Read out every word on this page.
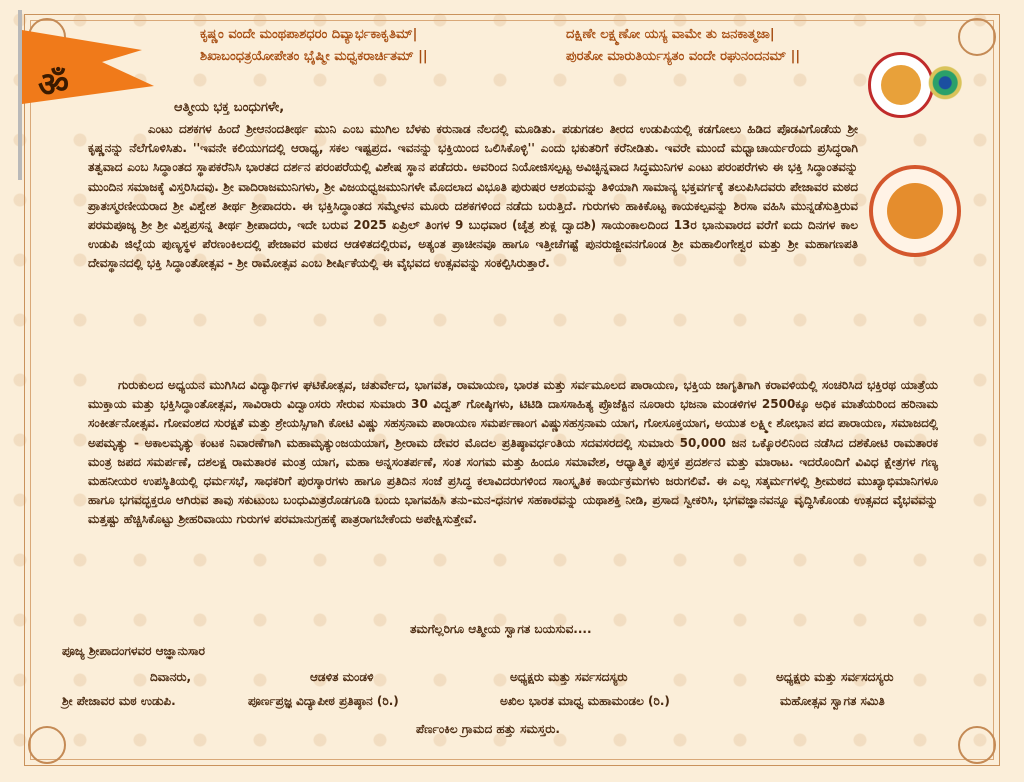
ॐ
ಕೃಷ್ಣಂ ವಂದೇ ಮಂಥಪಾಶಧರಂ ದಿವ್ಯಾರ್ಭಕಾಕೃತಿಮ್|
ಶಿಖಾಬಂಧತ್ರಯೋಪೇತಂ ಭೈಷ್ಮೀ ಮಧ್ವಕರಾರ್ಚಿತಮ್ ||
ದಕ್ಷಿಣೇ ಲಕ್ಷ್ಮಣೋ ಯಸ್ಯ ವಾಮೇ ತು ಜನಕಾತ್ಮಜಾ|
ಪುರತೋ ಮಾರುತಿರ್ಯಸ್ಯತಂ ವಂದೇ ರಘುನಂದನಮ್ ||
ಆತ್ಮೀಯ ಭಕ್ತ ಬಂಧುಗಳೇ,
ಎಂಟು ದಶಕಗಳ ಹಿಂದೆ ಶ್ರೀಆನಂದತೀರ್ಥ ಮುನಿ ಎಂಬ ಮುಗಿಲ ಬೆಳಕು ಕರುನಾಡ ನೆಲದಲ್ಲಿ ಮೂಡಿತು. ಪಡುಗಡಲ ತೀರದ ಉಡುಪಿಯಲ್ಲಿ ಕಡಗೋಲು ಹಿಡಿದ ಪೊಡವಿಗೊಡೆಯ ಶ್ರೀ ಕೃಷ್ಣನನ್ನು ನೆಲೆಗೊಳಿಸಿತು. ''ಇವನೇ ಕಲಿಯುಗದಲ್ಲಿ ಆರಾಧ್ಯ, ಸಕಲ ಇಷ್ಟಪ್ರದ. ಇವನನ್ನು ಭಕ್ತಿಯಿಂದ ಒಲಿಸಿಕೊಳ್ಳಿ'' ಎಂದು ಭಕುತರಿಗೆ ಕರೆನೀಡಿತು. ಇವರೇ ಮುಂದೆ ಮಧ್ವಾಚಾರ್ಯರೆಂದು ಪ್ರಸಿದ್ಧರಾಗಿ ತತ್ವವಾದ ಎಂಬ ಸಿದ್ಧಾಂತದ ಸ್ಥಾಪಕರೆನಿಸಿ ಭಾರತದ ದರ್ಶನ ಪರಂಪರೆಯಲ್ಲಿ ವಿಶೇಷ ಸ್ಥಾನ ಪಡೆದರು. ಅವರಿಂದ ನಿಯೋಜಿಸಲ್ಪಟ್ಟ ಅವಿಚ್ಛಿನ್ನವಾದ ಸಿದ್ಧಮುನಿಗಳ ಎಂಟು ಪರಂಪರೆಗಳು ಈ ಭಕ್ತಿ ಸಿದ್ಧಾಂತವನ್ನು ಮುಂದಿನ ಸಮಾಜಕ್ಕೆ ವಿಸ್ತರಿಸಿದವು. ಶ್ರೀ ವಾದಿರಾಜಮುನಿಗಳು, ಶ್ರೀ ವಿಜಯಧ್ವಜಮುನಿಗಳೇ ಮೊದಲಾದ ವಿಭೂತಿ ಪುರುಷರ ಆಶಯವನ್ನು ತಿಳಿಯಾಗಿ ಸಾಮಾನ್ಯ ಭಕ್ತವರ್ಗಕ್ಕೆ ತಲುಪಿಸಿದವರು ಪೇಜಾವರ ಮಠದ ಪ್ರಾತಃಸ್ಮರಣೀಯರಾದ ಶ್ರೀ ವಿಶ್ವೇಶ ತೀರ್ಥ ಶ್ರೀಪಾದರು. ಈ ಭಕ್ತಿಸಿದ್ಧಾಂತದ ಸಮ್ಮೇಳನ ಮೂರು ದಶಕಗಳಿಂದ ನಡೆದು ಬರುತ್ತಿದೆ. ಗುರುಗಳು ಹಾಕಿಕೊಟ್ಟ ಕಾಯಕಲ್ಪವನ್ನು ಶಿರಸಾ ವಹಿಸಿ ಮುನ್ನಡೆಸುತ್ತಿರುವ ಪರಮಪೂಜ್ಯ ಶ್ರೀ ಶ್ರೀ ವಿಶ್ವಪ್ರಸನ್ನ ತೀರ್ಥ ಶ್ರೀಪಾದರು, ಇದೇ ಬರುವ 2025 ಏಪ್ರಿಲ್ ತಿಂಗಳ 9 ಬುಧವಾರ (ಚೈತ್ರ ಶುಕ್ಲ ದ್ವಾದಶಿ) ಸಾಯಂಕಾಲದಿಂದ 13ರ ಭಾನುವಾರದ ವರೆಗೆ ಐದು ದಿನಗಳ ಕಾಲ ಉಡುಪಿ ಜಿಲ್ಲೆಯ ಪುಣ್ಯಸ್ಥಳ ಪೆರಣಂಕಿಲದಲ್ಲಿ ಪೇಜಾವರ ಮಠದ ಆಡಳಿತದಲ್ಲಿರುವ, ಅತ್ಯಂತ ಪ್ರಾಚೀನವೂ ಹಾಗೂ ಇತ್ತೀಚೆಗಷ್ಟೆ ಪುನರುಜ್ಜೀವನಗೊಂಡ ಶ್ರೀ ಮಹಾಲಿಂಗೇಶ್ವರ ಮತ್ತು ಶ್ರೀ ಮಹಾಗಣಪತಿ ದೇವಸ್ಥಾನದಲ್ಲಿ ಭಕ್ತಿ ಸಿದ್ಧಾಂತೋತ್ಸವ - ಶ್ರೀ ರಾಮೋತ್ಸವ ಎಂಬ ಶೀರ್ಷಿಕೆಯಲ್ಲಿ ಈ ವೈಭವದ ಉತ್ಸವವನ್ನು ಸಂಕಲ್ಪಿಸಿರುತ್ತಾರೆ.
ಗುರುಕುಲದ ಅಧ್ಯಯನ ಮುಗಿಸಿದ ವಿದ್ಯಾರ್ಥಿಗಳ ಘಟಿಕೋತ್ಸವ, ಚತುರ್ವೇದ, ಭಾಗವತ, ರಾಮಾಯಣ, ಭಾರತ ಮತ್ತು ಸರ್ವಮೂಲದ ಪಾರಾಯಣ, ಭಕ್ತಿಯ ಜಾಗೃತಿಗಾಗಿ ಕರಾವಳಿಯಲ್ಲಿ ಸಂಚರಿಸಿದ ಭಕ್ತಿರಥ ಯಾತ್ರೆಯ ಮುಕ್ತಾಯ ಮತ್ತು ಭಕ್ತಿಸಿದ್ಧಾಂತೋತ್ಸವ, ಸಾವಿರಾರು ವಿದ್ವಾಂಸರು ಸೇರುವ ಸುಮಾರು 30 ವಿದ್ವತ್ ಗೋಷ್ಠಿಗಳು, ಟಿಟಿಡಿ ದಾಸಸಾಹಿತ್ಯ ಪ್ರೊಜೆಕ್ಟಿನ ನೂರಾರು ಭಜನಾ ಮಂಡಳಿಗಳ 2500ಕ್ಕೂ ಅಧಿಕ ಮಾತೆಯರಿಂದ ಹರಿನಾಮ ಸಂಕೀರ್ತನೋತ್ಸವ. ಗೋವಂಶದ ಸುರಕ್ಷತೆ ಮತ್ತು ಶ್ರೇಯಸ್ಸಿಗಾಗಿ ಕೋಟಿ ವಿಷ್ಣು ಸಹಸ್ರನಾಮ ಪಾರಾಯಣ ಸಮರ್ಪಣಾಂಗ ವಿಷ್ಣುಸಹಸ್ರನಾಮ ಯಾಗ, ಗೋಸೂಕ್ತಯಾಗ, ಅಯುತ ಲಕ್ಷ್ಮೀ ಶೋಭಾನ ಪದ ಪಾರಾಯಣ, ಸಮಾಜದಲ್ಲಿ ಅಪಮೃತ್ಯು - ಅಕಾಲಮೃತ್ಯು ಕಂಟಕ ನಿವಾರಣೆಗಾಗಿ ಮಹಾಮೃತ್ಯುಂಜಯಯಾಗ, ಶ್ರೀರಾಮ ದೇವರ ಮೊದಲ ಪ್ರತಿಷ್ಠಾವರ್ಧಂತಿಯ ಸದವಸರದಲ್ಲಿ ಸುಮಾರು 50,000 ಜನ ಒಕ್ಕೊರಲಿನಿಂದ ನಡೆಸಿದ ದಶಕೋಟಿ ರಾಮತಾರಕ ಮಂತ್ರ ಜಪದ ಸಮರ್ಪಣೆ, ದಶಲಕ್ಷ ರಾಮತಾರಕ ಮಂತ್ರ ಯಾಗ, ಮಹಾ ಅನ್ನಸಂತರ್ಪಣೆ, ಸಂತ ಸಂಗಮ ಮತ್ತು ಹಿಂದೂ ಸಮಾವೇಶ, ಆಧ್ಯಾತ್ಮಿಕ ಪುಸ್ತಕ ಪ್ರದರ್ಶನ ಮತ್ತು ಮಾರಾಟ. ಇದರೊಂದಿಗೆ ವಿವಿಧ ಕ್ಷೇತ್ರಗಳ ಗಣ್ಯ ಮಹನೀಯರ ಉಪಸ್ಥಿತಿಯಲ್ಲಿ ಧರ್ಮಸಭೆ, ಸಾಧಕರಿಗೆ ಪುರಸ್ಕಾರಗಳು ಹಾಗೂ ಪ್ರತಿದಿನ ಸಂಜೆ ಪ್ರಸಿದ್ಧ ಕಲಾವಿದರುಗಳಿಂದ ಸಾಂಸ್ಕೃತಿಕ ಕಾರ್ಯಕ್ರಮಗಳು ಜರುಗಲಿವೆ. ಈ ಎಲ್ಲ ಸತ್ಕರ್ಮಗಳಲ್ಲಿ ಶ್ರೀಮಠದ ಮುಖ್ಯಾಭಿಮಾನಿಗಳೂ ಹಾಗೂ ಭಗವದ್ಭಕ್ತರೂ ಆಗಿರುವ ತಾವು ಸಕುಟುಂಬ ಬಂಧುಮಿತ್ರರೊಡಗೂಡಿ ಬಂದು ಭಾಗವಹಿಸಿ ತನು-ಮನ-ಧನಗಳ ಸಹಕಾರವನ್ನು ಯಥಾಶಕ್ತಿ ನೀಡಿ, ಪ್ರಸಾದ ಸ್ವೀಕರಿಸಿ, ಭಗವಜ್ಞಾನವನ್ನೂ ವೃದ್ಧಿಸಿಕೊಂಡು ಉತ್ಸವದ ವೈಭವವನ್ನು ಮತ್ತಷ್ಟು ಹೆಚ್ಚಿಸಿಕೊಟ್ಟು ಶ್ರೀಹರಿವಾಯು ಗುರುಗಳ ಪರಮಾನುಗ್ರಹಕ್ಕೆ ಪಾತ್ರರಾಗಬೇಕೆಂದು ಅಪೇಕ್ಷಿಸುತ್ತೇವೆ.
ತಮಗೆಲ್ಲರಿಗೂ ಆತ್ಮೀಯ ಸ್ವಾಗತ ಬಯಸುವ....
ಪೂಜ್ಯ ಶ್ರೀಪಾದಂಗಳವರ ಆಜ್ಞಾನುಸಾರ
ದಿವಾನರು,	ಆಡಳಿತ ಮಂಡಳಿ	ಅಧ್ಯಕ್ಷರು ಮತ್ತು ಸರ್ವಸದಸ್ಯರು	ಅಧ್ಯಕ್ಷರು ಮತ್ತು ಸರ್ವಸದಸ್ಯರು
ಶ್ರೀ ಪೇಜಾವರ ಮಠ ಉಡುಪಿ.	ಪೂರ್ಣಪ್ರಜ್ಞ ವಿದ್ಯಾಪೀಠ ಪ್ರತಿಷ್ಠಾನ (ರಿ.)	ಅಖಿಲ ಭಾರತ ಮಾಧ್ವ ಮಹಾಮಂಡಲ (ರಿ.)	ಮಹೋತ್ಸವ ಸ್ವಾಗತ ಸಮಿತಿ
ಪೆರ್ಣಂಕಿಲ ಗ್ರಾಮದ ಹತ್ತು ಸಮಸ್ತರು.
